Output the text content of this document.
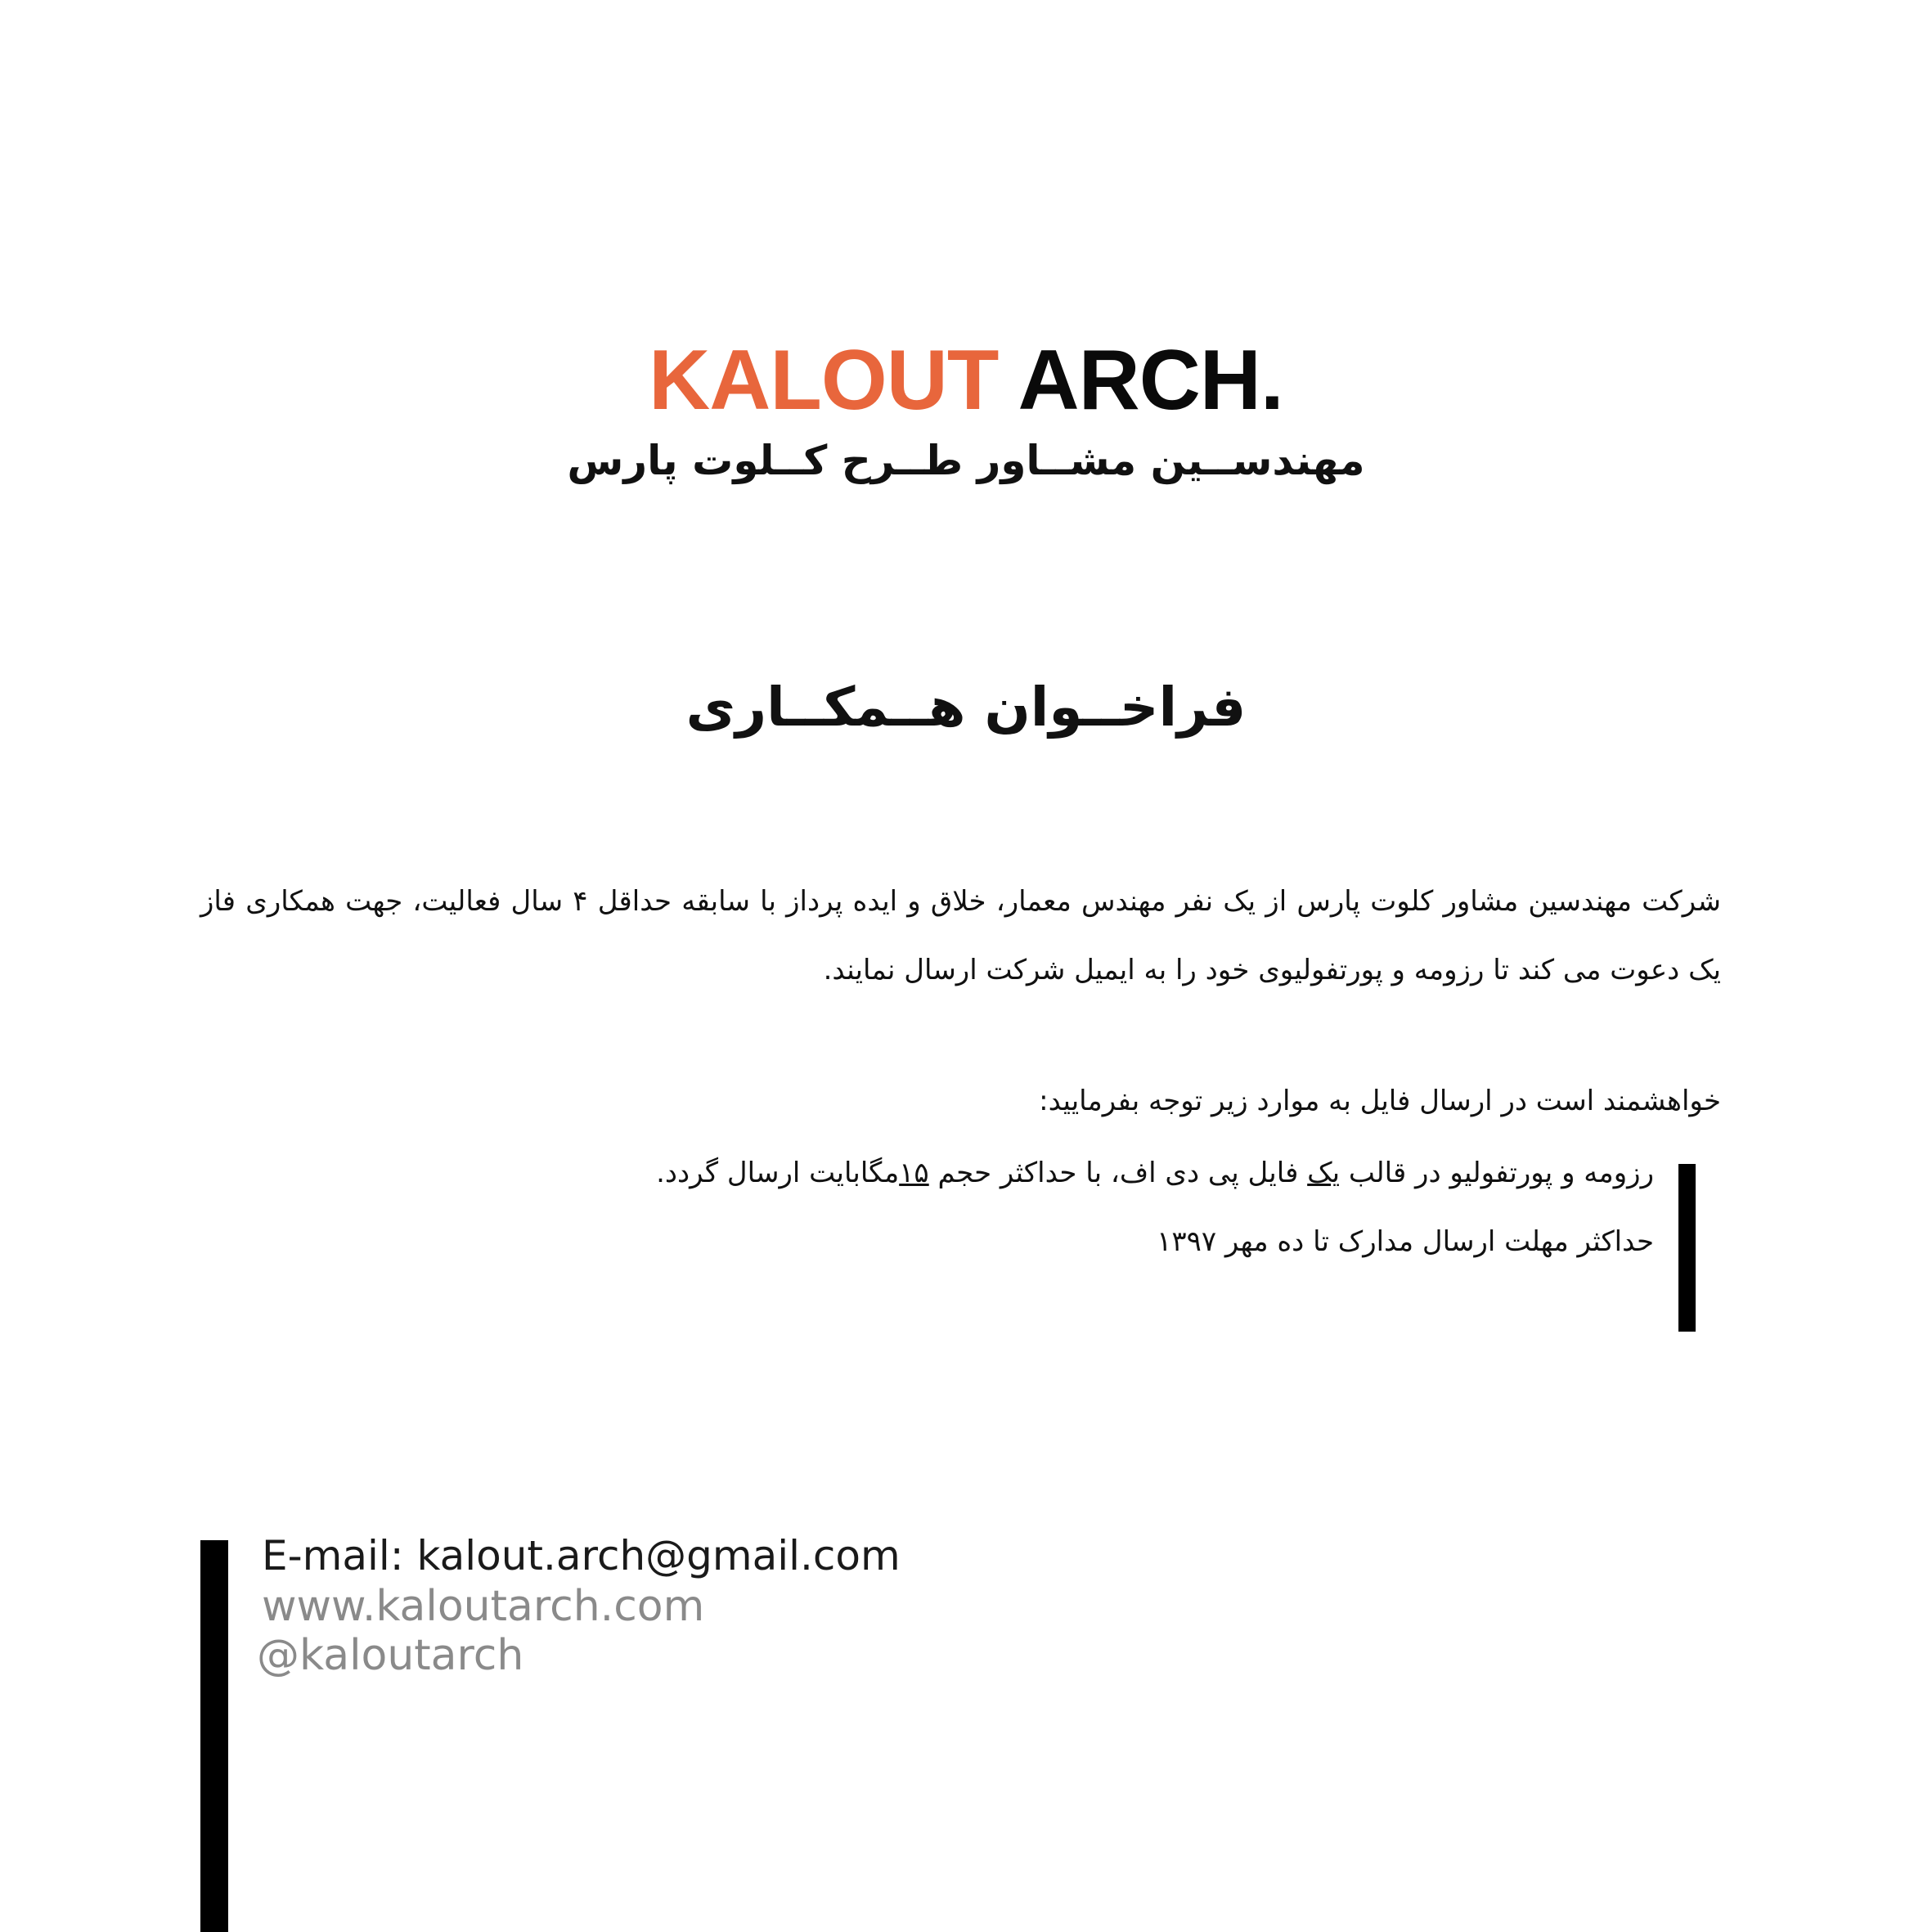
KALOUT ARCH.
مهندســین مشــاور طــرح کــلوت پارس
فراخــوان هــمکــاری
شرکت مهندسین مشاور کلوت پارس از یک نفر مهندس معمار، خلاق و ایده پرداز با سابقه حداقل ۴ سال فعالیت، جهت همکاری فاز یک دعوت می کند تا رزومه و پورتفولیوی خود را به ایمیل شرکت ارسال نمایند.
خواهشمند است در ارسال فایل به موارد زیر توجه بفرمایید:
رزومه و پورتفولیو در قالب یک فایل پی دی اف، با حداکثر حجم ۱۵مگابایت ارسال گردد.
حداکثر مهلت ارسال مدارک تا ده مهر ۱۳۹۷
E-mail: kalout.arch@gmail.com
www.kaloutarch.com
@kaloutarch
